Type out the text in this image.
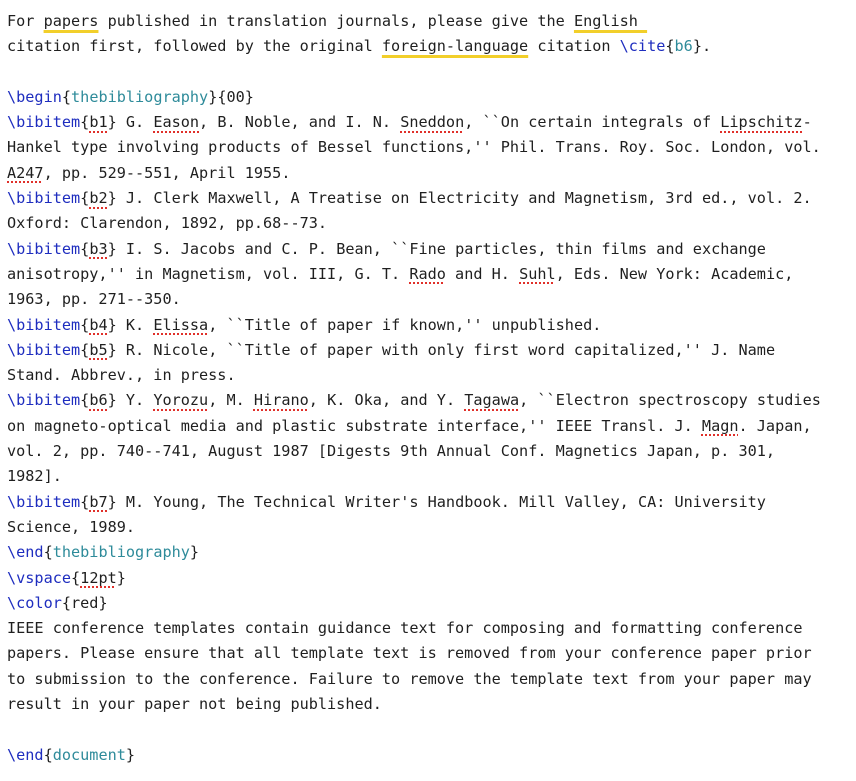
For papers published in translation journals, please give the English
citation first, followed by the original foreign-language citation \cite{b6}.
\begin{thebibliography}{00}
\bibitem{b1} G. Eason, B. Noble, and I. N. Sneddon, ``On certain integrals of Lipschitz-
Hankel type involving products of Bessel functions,'' Phil. Trans. Roy. Soc. London, vol.
A247, pp. 529--551, April 1955.
\bibitem{b2} J. Clerk Maxwell, A Treatise on Electricity and Magnetism, 3rd ed., vol. 2.
Oxford: Clarendon, 1892, pp.68--73.
\bibitem{b3} I. S. Jacobs and C. P. Bean, ``Fine particles, thin films and exchange
anisotropy,'' in Magnetism, vol. III, G. T. Rado and H. Suhl, Eds. New York: Academic,
1963, pp. 271--350.
\bibitem{b4} K. Elissa, ``Title of paper if known,'' unpublished.
\bibitem{b5} R. Nicole, ``Title of paper with only first word capitalized,'' J. Name
Stand. Abbrev., in press.
\bibitem{b6} Y. Yorozu, M. Hirano, K. Oka, and Y. Tagawa, ``Electron spectroscopy studies
on magneto-optical media and plastic substrate interface,'' IEEE Transl. J. Magn. Japan,
vol. 2, pp. 740--741, August 1987 [Digests 9th Annual Conf. Magnetics Japan, p. 301,
1982].
\bibitem{b7} M. Young, The Technical Writer's Handbook. Mill Valley, CA: University
Science, 1989.
\end{thebibliography}
\vspace{12pt}
\color{red}
IEEE conference templates contain guidance text for composing and formatting conference
papers. Please ensure that all template text is removed from your conference paper prior
to submission to the conference. Failure to remove the template text from your paper may
result in your paper not being published.
\end{document}
